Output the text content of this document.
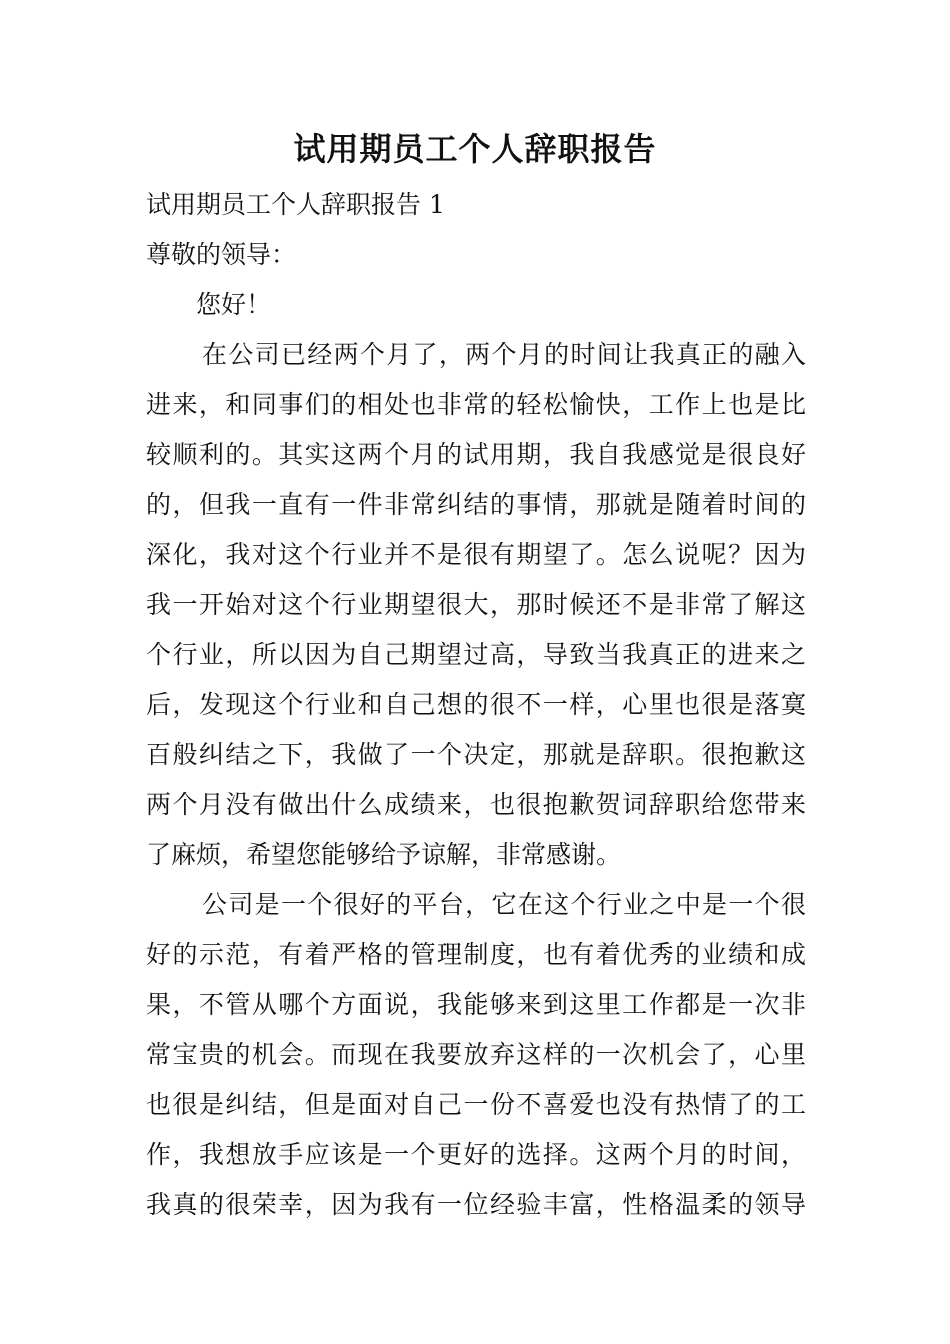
试用期员工个人辞职报告
试用期员工个人辞职报告 1
尊敬的领导：
您好！
在公司已经两个月了，两个月的时间让我真正的融入
进来，和同事们的相处也非常的轻松愉快，工作上也是比
较顺利的。其实这两个月的试用期，我自我感觉是很良好
的，但我一直有一件非常纠结的事情，那就是随着时间的
深化，我对这个行业并不是很有期望了。怎么说呢？因为
我一开始对这个行业期望很大，那时候还不是非常了解这
个行业，所以因为自己期望过高，导致当我真正的进来之
后，发现这个行业和自己想的很不一样，心里也很是落寞
百般纠结之下，我做了一个决定，那就是辞职。很抱歉这
两个月没有做出什么成绩来，也很抱歉贺词辞职给您带来
了麻烦，希望您能够给予谅解，非常感谢。
公司是一个很好的平台，它在这个行业之中是一个很
好的示范，有着严格的管理制度，也有着优秀的业绩和成
果，不管从哪个方面说，我能够来到这里工作都是一次非
常宝贵的机会。而现在我要放弃这样的一次机会了，心里
也很是纠结，但是面对自己一份不喜爱也没有热情了的工
作，我想放手应该是一个更好的选择。这两个月的时间，
我真的很荣幸，因为我有一位经验丰富，性格温柔的领导
